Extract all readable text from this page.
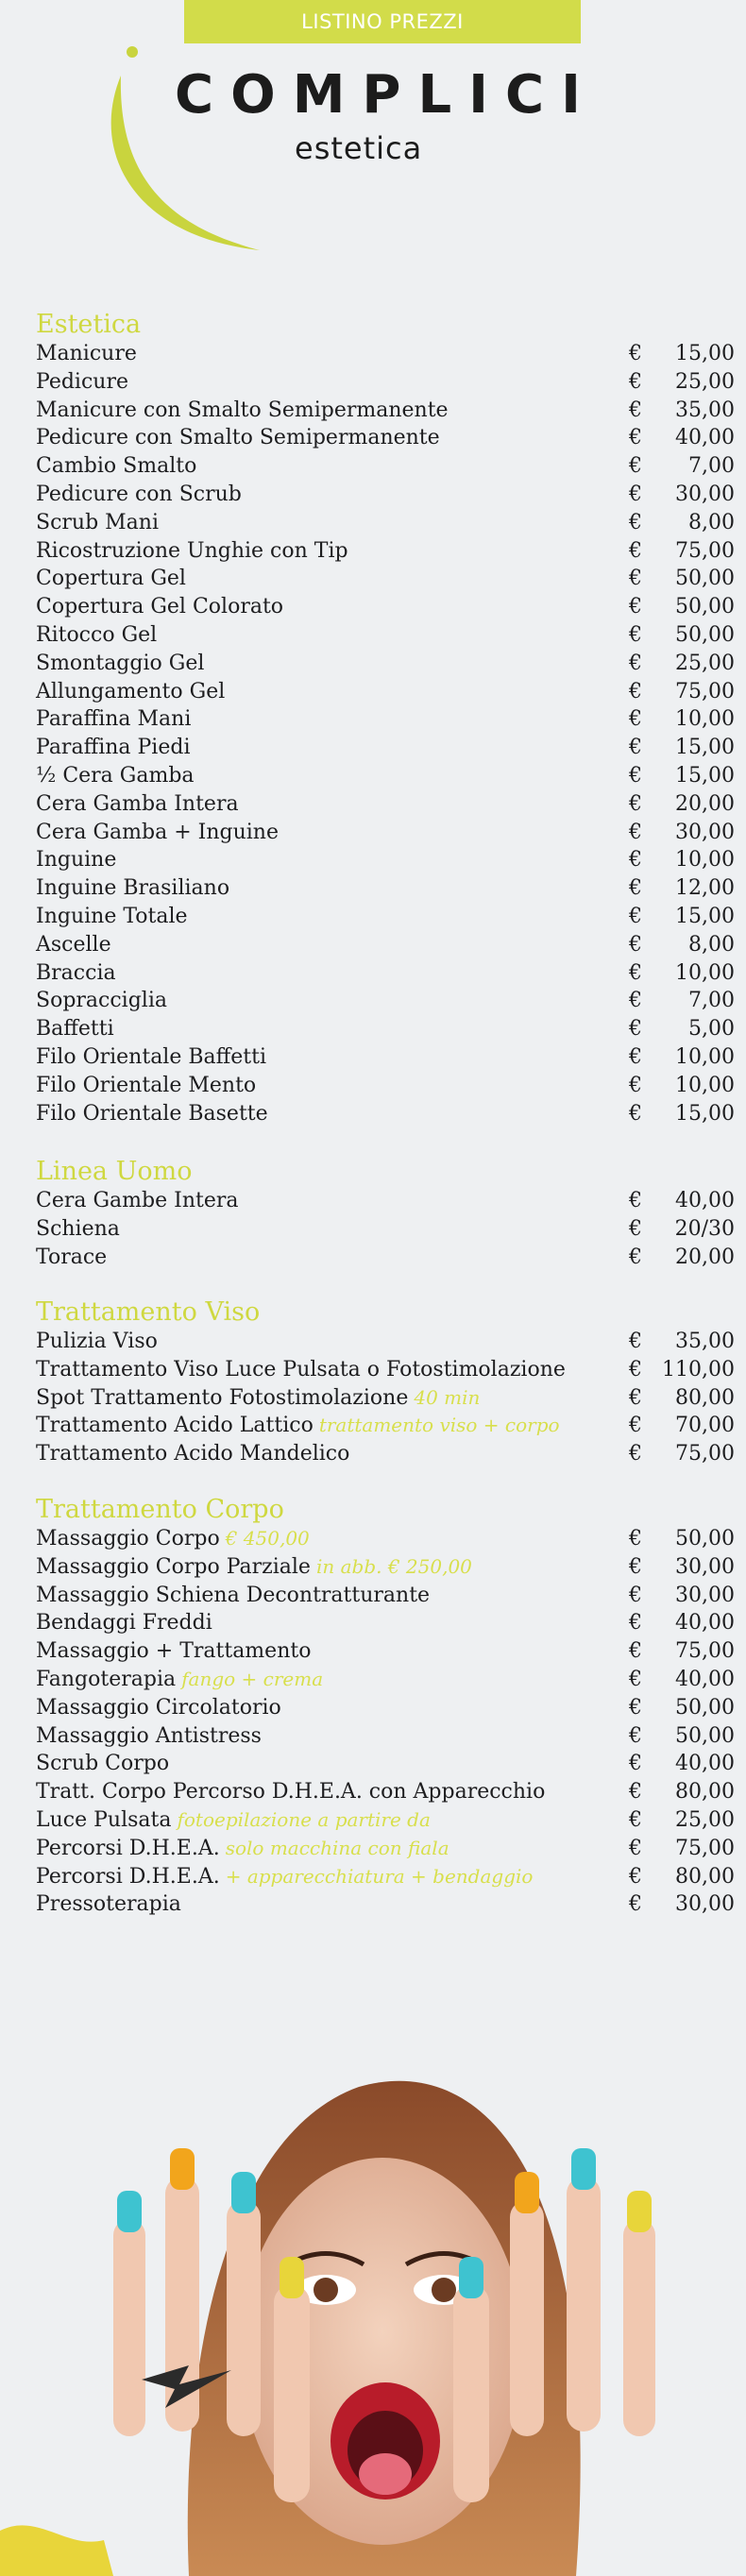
LISTINO PREZZI
COMPLICI
estetica
Estetica
Manicure	€ 15,00
Pedicure	€ 25,00
Manicure con Smalto Semipermanente	€ 35,00
Pedicure con Smalto Semipermanente	€ 40,00
Cambio Smalto	€ 7,00
Pedicure con Scrub	€ 30,00
Scrub Mani	€ 8,00
Ricostruzione Unghie con Tip	€ 75,00
Copertura Gel	€ 50,00
Copertura Gel Colorato	€ 50,00
Ritocco Gel	€ 50,00
Smontaggio Gel	€ 25,00
Allungamento Gel	€ 75,00
Paraffina Mani	€ 10,00
Paraffina Piedi	€ 15,00
½ Cera Gamba	€ 15,00
Cera Gamba Intera	€ 20,00
Cera Gamba + Inguine	€ 30,00
Inguine	€ 10,00
Inguine Brasiliano	€ 12,00
Inguine Totale	€ 15,00
Ascelle	€ 8,00
Braccia	€ 10,00
Sopracciglia	€ 7,00
Baffetti	€ 5,00
Filo Orientale Baffetti	€ 10,00
Filo Orientale Mento	€ 10,00
Filo Orientale Basette	€ 15,00
Linea Uomo
Cera Gambe Intera	€ 40,00
Schiena	€ 20/30
Torace	€ 20,00
Trattamento Viso
Pulizia Viso	€ 35,00
Trattamento Viso Luce Pulsata o Fotostimolazione	€ 110,00
Spot Trattamento Fotostimolazione 40 min	€ 80,00
Trattamento Acido Lattico trattamento viso + corpo	€ 70,00
Trattamento Acido Mandelico	€ 75,00
Trattamento Corpo
Massaggio Corpo € 450,00	€ 50,00
Massaggio Corpo Parziale in abb. € 250,00	€ 30,00
Massaggio Schiena Decontratturante	€ 30,00
Bendaggi Freddi	€ 40,00
Massaggio + Trattamento	€ 75,00
Fangoterapia fango + crema	€ 40,00
Massaggio Circolatorio	€ 50,00
Massaggio Antistress	€ 50,00
Scrub Corpo	€ 40,00
Tratt. Corpo Percorso D.H.E.A. con Apparecchio	€ 80,00
Luce Pulsata fotoepilazione a partire da	€ 25,00
Percorsi D.H.E.A. solo macchina con fiala	€ 75,00
Percorsi D.H.E.A. + apparecchiatura + bendaggio	€ 80,00
Pressoterapia	€ 30,00
